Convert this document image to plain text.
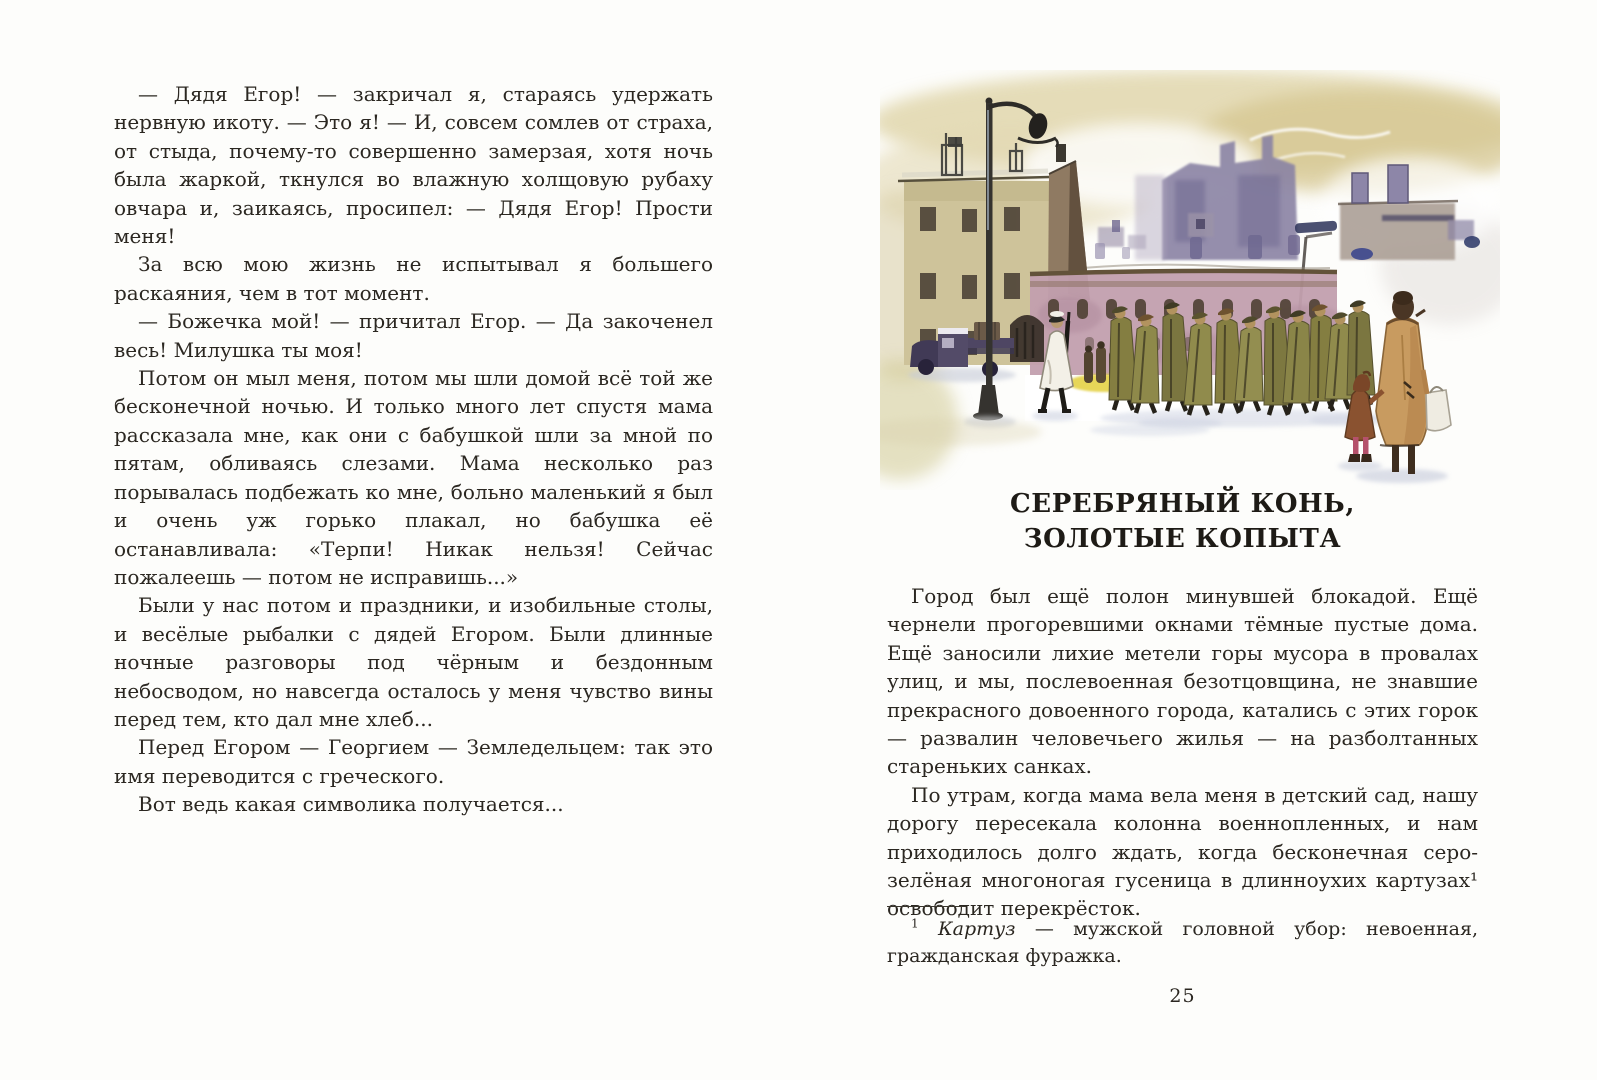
— Дядя Егор! — закричал я, стараясь удержать нервную икоту. — Это я! — И, совсем сомлев от страха, от стыда, почему-то совершенно замерзая, хотя ночь была жаркой, ткнулся во влажную холщовую рубаху овчара и, заикаясь, просипел: — Дядя Егор! Прости меня!

За всю мою жизнь не испытывал я большего раскаяния, чем в тот момент.

— Божечка мой! — причитал Егор. — Да закоченел весь! Милушка ты моя!

Потом он мыл меня, потом мы шли домой всё той же бесконечной ночью. И только много лет спустя мама рассказала мне, как они с бабушкой шли за мной по пятам, обливаясь слезами. Мама несколько раз порывалась подбежать ко мне, больно маленький я был и очень уж горько плакал, но бабушка её останавливала: «Терпи! Никак нельзя! Сейчас пожалеешь — потом не исправишь...»

Были у нас потом и праздники, и изобильные столы, и весёлые рыбалки с дядей Егором. Были длинные ночные разговоры под чёрным и бездонным небосводом, но навсегда осталось у меня чувство вины перед тем, кто дал мне хлеб...

Перед Егором — Георгием — Земледельцем: так это имя переводится с греческого.

Вот ведь какая символика получается...

СЕРЕБРЯНЫЙ КОНЬ,
ЗОЛОТЫЕ КОПЫТА

Город был ещё полон минувшей блокадой. Ещё чернели прогоревшими окнами тёмные пустые дома. Ещё заносили лихие метели горы мусора в провалах улиц, и мы, послевоенная безотцовщина, не знавшие прекрасного довоенного города, катались с этих горок — развалин человечьего жилья — на разболтанных стареньких санках.

По утрам, когда мама вела меня в детский сад, нашу дорогу пересекала колонна военнопленных, и нам приходилось долго ждать, когда бесконечная серо-зелёная многоногая гусеница в длинноухих картузах¹ освободит перекрёсток.

$^1$ Картуз — мужской головной убор: невоенная, гражданская фуражка.

25
